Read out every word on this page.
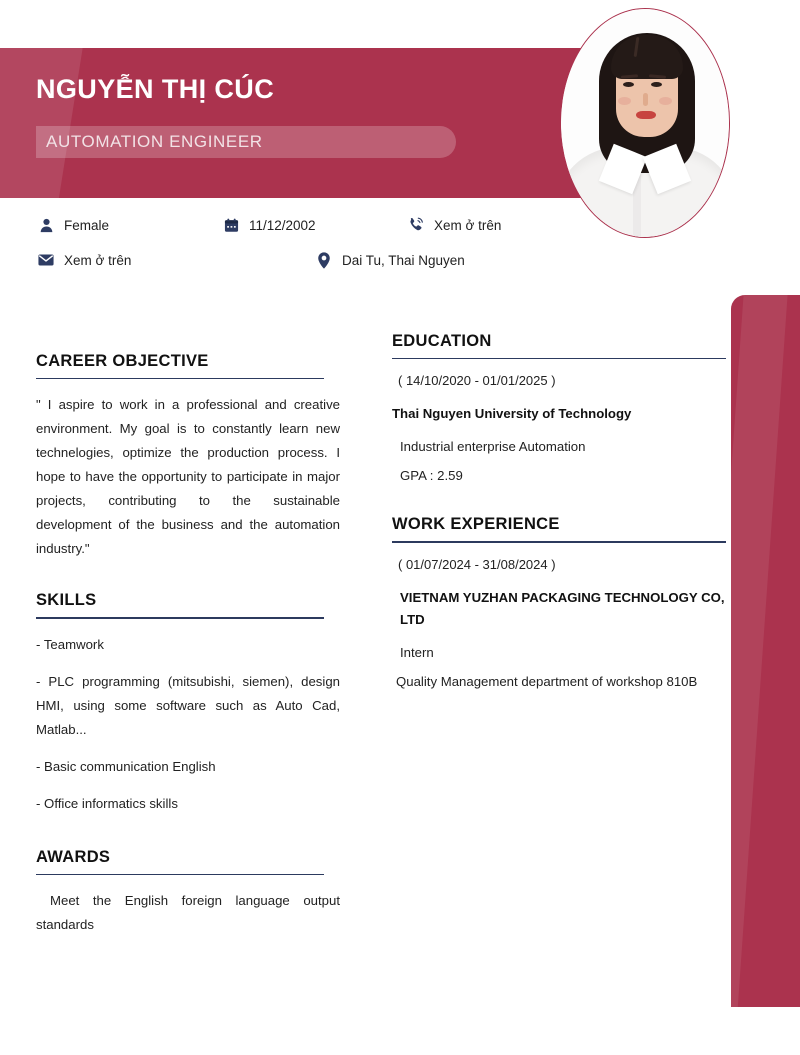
NGUYỄN THỊ CÚC
AUTOMATION ENGINEER
Female	11/12/2002	Xem ở trên
Xem ở trên	Dai Tu, Thai Nguyen
CAREER OBJECTIVE
" I aspire to work in a professional and creative environment. My goal is to constantly learn new technelogies, optimize the production process. I hope to have the opportunity to participate in major projects, contributing to the sustainable development of the business and the automation industry."
SKILLS
- Teamwork
- PLC programming (mitsubishi, siemen), design HMI, using some software such as Auto Cad, Matlab...
- Basic communication English
- Office informatics skills
AWARDS
Meet the English foreign language output standards
EDUCATION
( 14/10/2020 - 01/01/2025 )
Thai Nguyen University of Technology
Industrial enterprise Automation
GPA : 2.59
WORK EXPERIENCE
( 01/07/2024 - 31/08/2024 )
VIETNAM YUZHAN PACKAGING TECHNOLOGY CO, LTD
Intern
Quality Management department of workshop 810B
